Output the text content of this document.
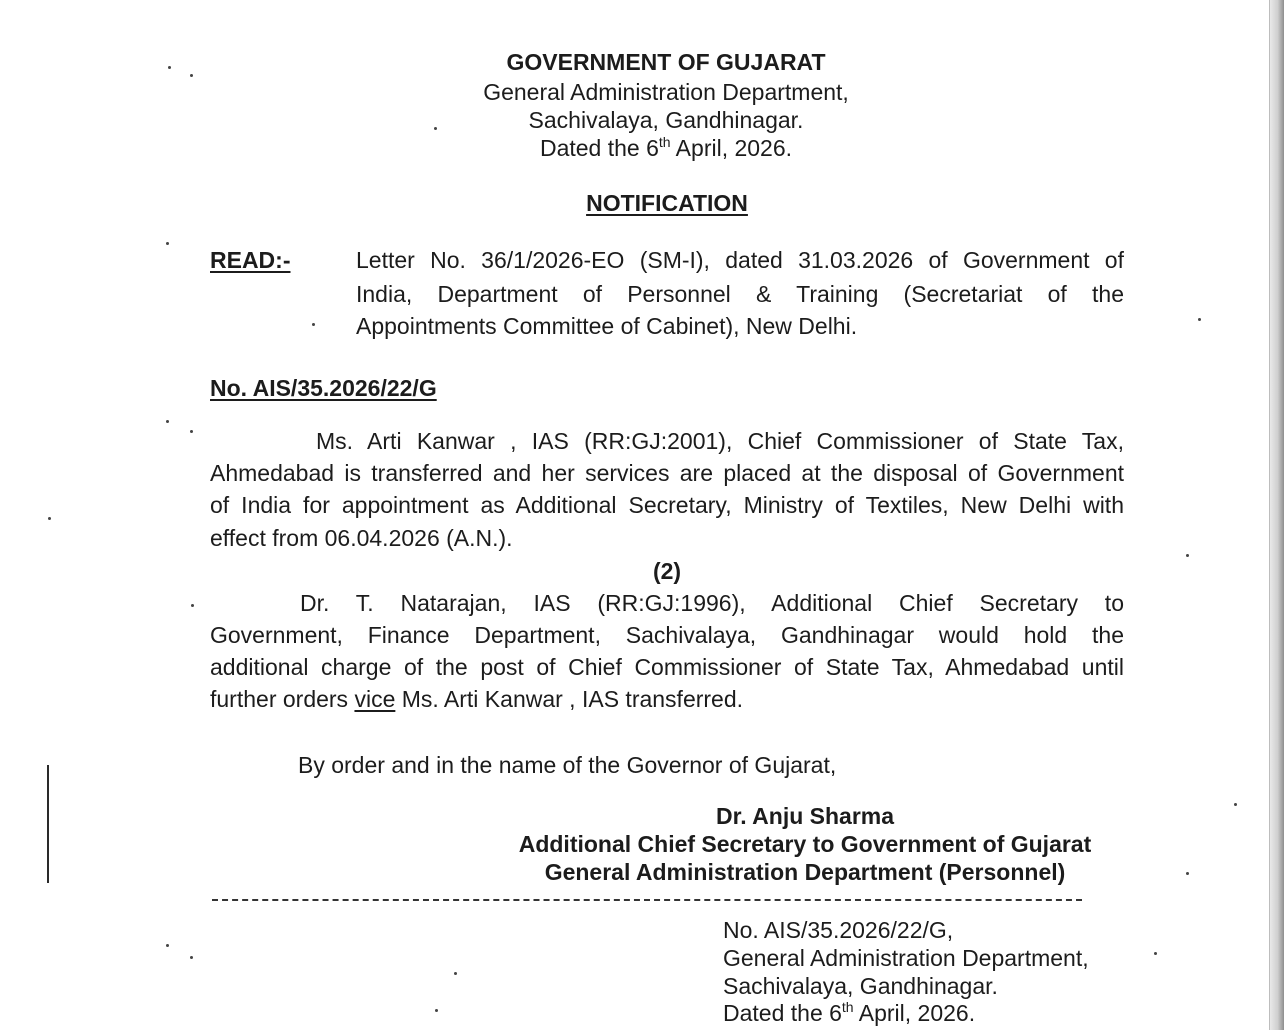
GOVERNMENT OF GUJARAT
General Administration Department,
Sachivalaya, Gandhinagar.
Dated the 6th April, 2026.
NOTIFICATION
READ:-	Letter No. 36/1/2026-EO (SM-I), dated 31.03.2026 of Government of
India, Department of Personnel & Training (Secretariat of the
Appointments Committee of Cabinet), New Delhi.
No. AIS/35.2026/22/G
Ms. Arti Kanwar , IAS (RR:GJ:2001), Chief Commissioner of State Tax,
Ahmedabad is transferred and her services are placed at the disposal of Government
of India for appointment as Additional Secretary, Ministry of Textiles, New Delhi with
effect from 06.04.2026 (A.N.).
(2)
Dr. T. Natarajan, IAS (RR:GJ:1996), Additional Chief Secretary to
Government, Finance Department, Sachivalaya, Gandhinagar would hold the
additional charge of the post of Chief Commissioner of State Tax, Ahmedabad until
further orders vice Ms. Arti Kanwar , IAS transferred.
By order and in the name of the Governor of Gujarat,
Dr. Anju Sharma
Additional Chief Secretary to Government of Gujarat
General Administration Department (Personnel)
No. AIS/35.2026/22/G,
General Administration Department,
Sachivalaya, Gandhinagar.
Dated the 6th April, 2026.
